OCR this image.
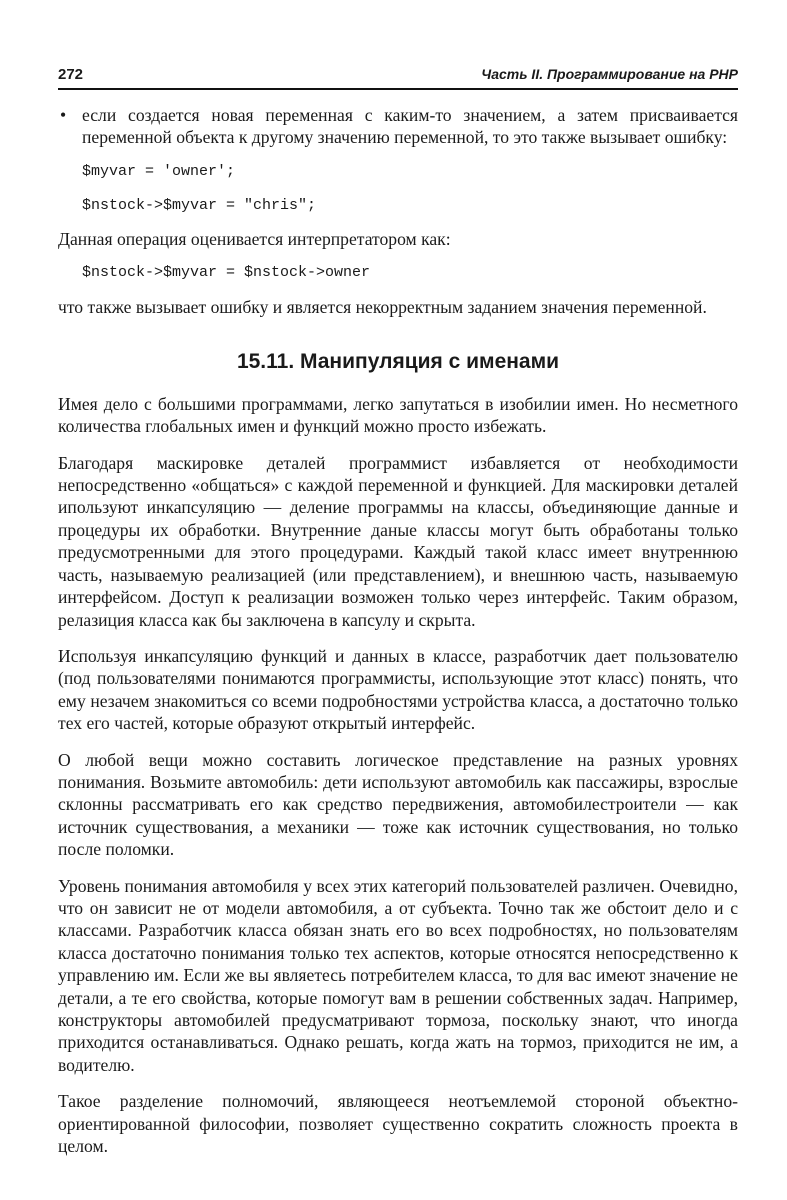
272	Часть II. Программирование на PHP

• если создается новая переменная с каким-то значением, а затем присваивается переменной объекта к другому значению переменной, то это также вызывает ошибку:

$myvar = 'owner';

$nstock->$myvar = "chris";

Данная операция оценивается интерпретатором как:

$nstock->$myvar = $nstock->owner

что также вызывает ошибку и является некорректным заданием значения переменной.

15.11. Манипуляция с именами

Имея дело с большими программами, легко запутаться в изобилии имен. Но несметного количества глобальных имен и функций можно просто избежать.

Благодаря маскировке деталей программист избавляется от необходимости непосредственно «общаться» с каждой переменной и функцией. Для маскировки деталей ипользуют инкапсуляцию — деление программы на классы, объединяющие данные и процедуры их обработки. Внутренние даные классы могут быть обработаны только предусмотренными для этого процедурами. Каждый такой класс имеет внутреннюю часть, называемую реализацией (или представлением), и внешнюю часть, называемую интерфейсом. Доступ к реализации возможен только через интерфейс. Таким образом, релазиция класса как бы заключена в капсулу и скрыта.

Используя инкапсуляцию функций и данных в классе, разработчик дает пользователю (под пользователями понимаются программисты, использующие этот класс) понять, что ему незачем знакомиться со всеми подробностями устройства класса, а достаточно только тех его частей, которые образуют открытый интерфейс.

О любой вещи можно составить логическое представление на разных уровнях понимания. Возьмите автомобиль: дети используют автомобиль как пассажиры, взрослые склонны рассматривать его как средство передвижения, автомобилестроители — как источник существования, а механики — тоже как источник существования, но только после поломки.

Уровень понимания автомобиля у всех этих категорий пользователей различен. Очевидно, что он зависит не от модели автомобиля, а от субъекта. Точно так же обстоит дело и с классами. Разработчик класса обязан знать его во всех подробностях, но пользователям класса достаточно понимания только тех аспектов, которые относятся непосредственно к управлению им. Если же вы являетесь потребителем класса, то для вас имеют значение не детали, а те его свойства, которые помогут вам в решении собственных задач. Например, конструкторы автомобилей предусматривают тормоза, поскольку знают, что иногда приходится останавливаться. Однако решать, когда жать на тормоз, приходится не им, а водителю.

Такое разделение полномочий, являющееся неотъемлемой стороной объектно-ориентированной философии, позволяет существенно сократить сложность проекта в целом.
